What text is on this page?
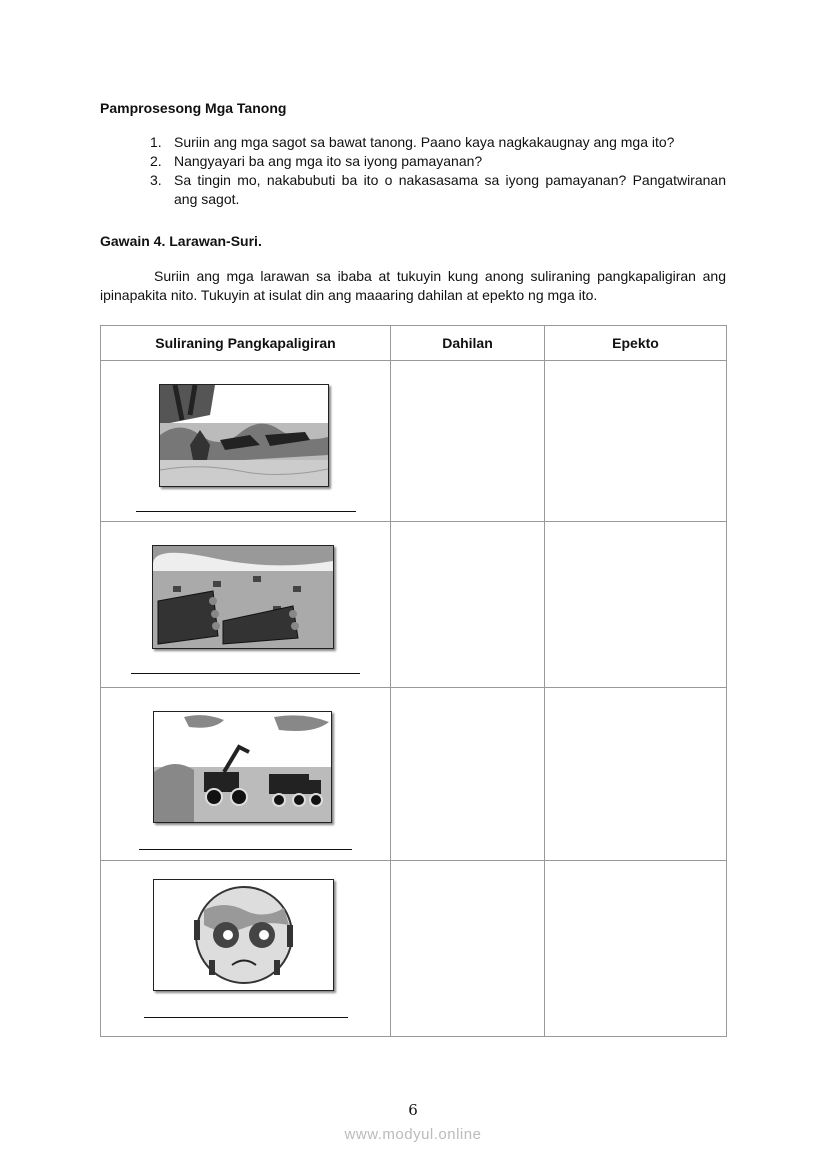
Pamprosesong Mga Tanong
1. Suriin ang mga sagot sa bawat tanong. Paano kaya nagkakaugnay ang mga ito?
2. Nangyayari ba ang mga ito sa iyong pamayanan?
3. Sa tingin mo, nakabubuti ba ito o nakasasama sa iyong pamayanan? Pangatwiranan ang sagot.
Gawain 4. Larawan-Suri.
Suriin ang mga larawan sa ibaba at tukuyin kung anong suliraning pangkapaligiran ang ipinapakita nito. Tukuyin at isulat din ang maaaring dahilan at epekto ng mga ito.
Suliraning Pangkapaligiran	Dahilan	Epekto

6
www.modyul.online
